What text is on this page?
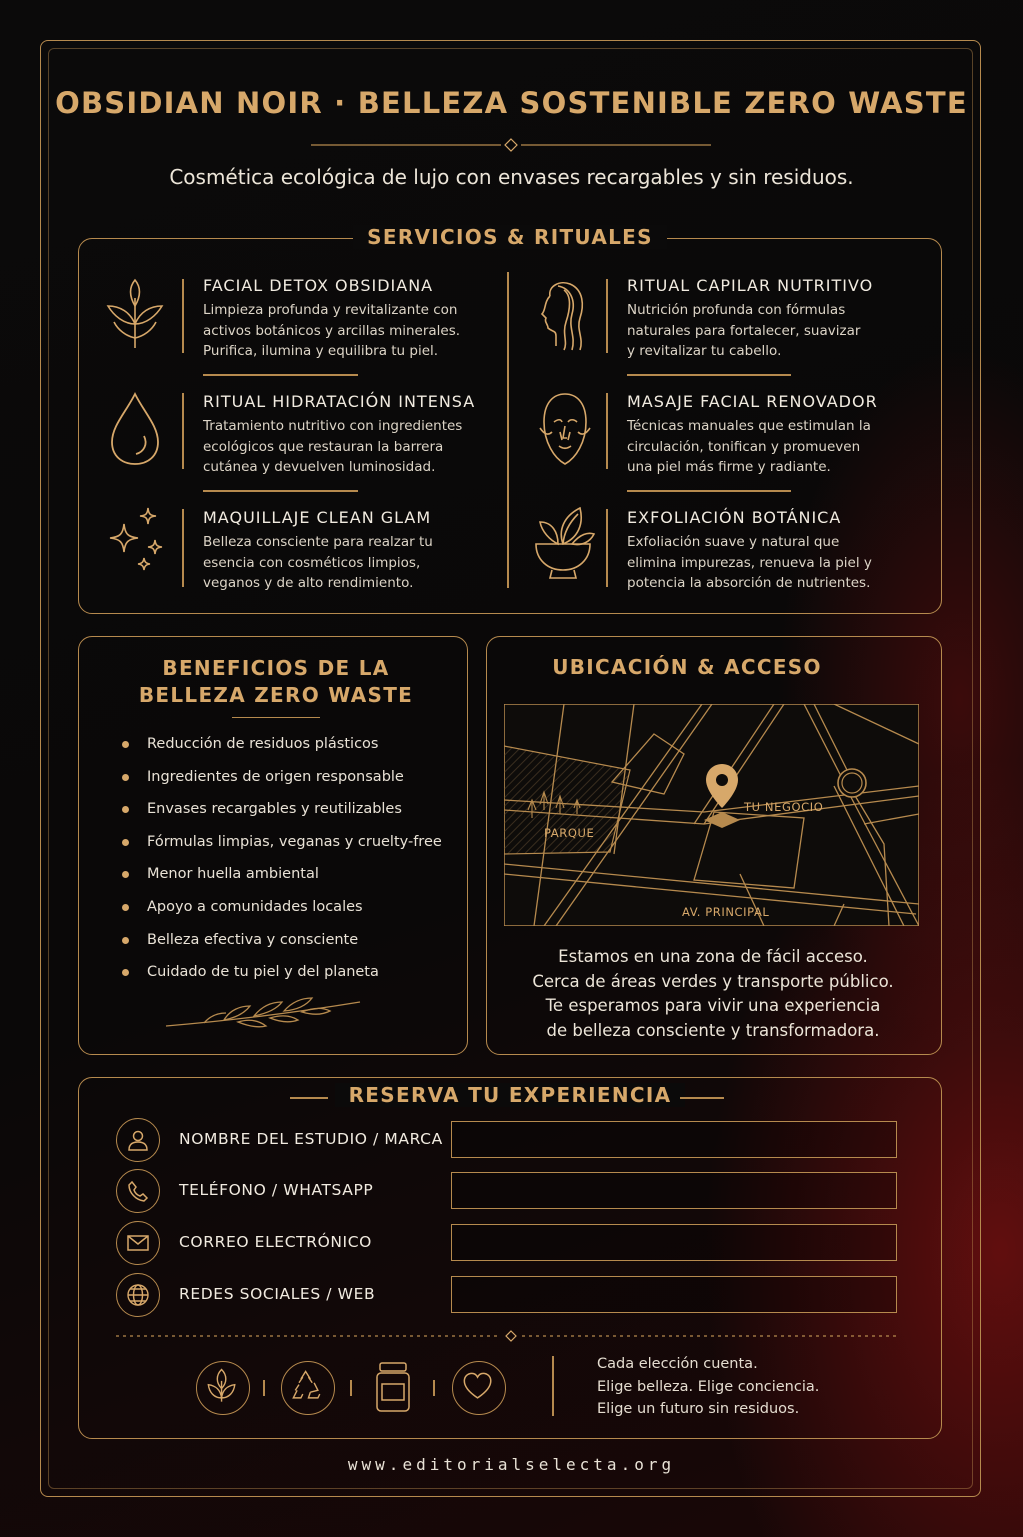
OBSIDIAN NOIR · BELLEZA SOSTENIBLE ZERO WASTE
Cosmética ecológica de lujo con envases recargables y sin residuos.
SERVICIOS & RITUALES
FACIAL DETOX OBSIDIANA
Limpieza profunda y revitalizante con activos botánicos y arcillas minerales. Purifica, ilumina y equilibra tu piel.
RITUAL CAPILAR NUTRITIVO
Nutrición profunda con fórmulas naturales para fortalecer, suavizar y revitalizar tu cabello.
RITUAL HIDRATACIÓN INTENSA
Tratamiento nutritivo con ingredientes ecológicos que restauran la barrera cutánea y devuelven luminosidad.
MASAJE FACIAL RENOVADOR
Técnicas manuales que estimulan la circulación, tonifican y promueven una piel más firme y radiante.
MAQUILLAJE CLEAN GLAM
Belleza consciente para realzar tu esencia con cosméticos limpios, veganos y de alto rendimiento.
EXFOLIACIÓN BOTÁNICA
Exfoliación suave y natural que elimina impurezas, renueva la piel y potencia la absorción de nutrientes.
BENEFICIOS DE LA
BELLEZA ZERO WASTE
Reducción de residuos plásticos
Ingredientes de origen responsable
Envases recargables y reutilizables
Fórmulas limpias, veganas y cruelty-free
Menor huella ambiental
Apoyo a comunidades locales
Belleza efectiva y consciente
Cuidado de tu piel y del planeta
UBICACIÓN & ACCESO
PARQUE
TU NEGOCIO
AV. PRINCIPAL
Estamos en una zona de fácil acceso.
Cerca de áreas verdes y transporte público.
Te esperamos para vivir una experiencia
de belleza consciente y transformadora.
RESERVA TU EXPERIENCIA
NOMBRE DEL ESTUDIO / MARCA
TELÉFONO / WHATSAPP
CORREO ELECTRÓNICO
REDES SOCIALES / WEB
Cada elección cuenta.
Elige belleza. Elige conciencia.
Elige un futuro sin residuos.
www.editorialselecta.org
